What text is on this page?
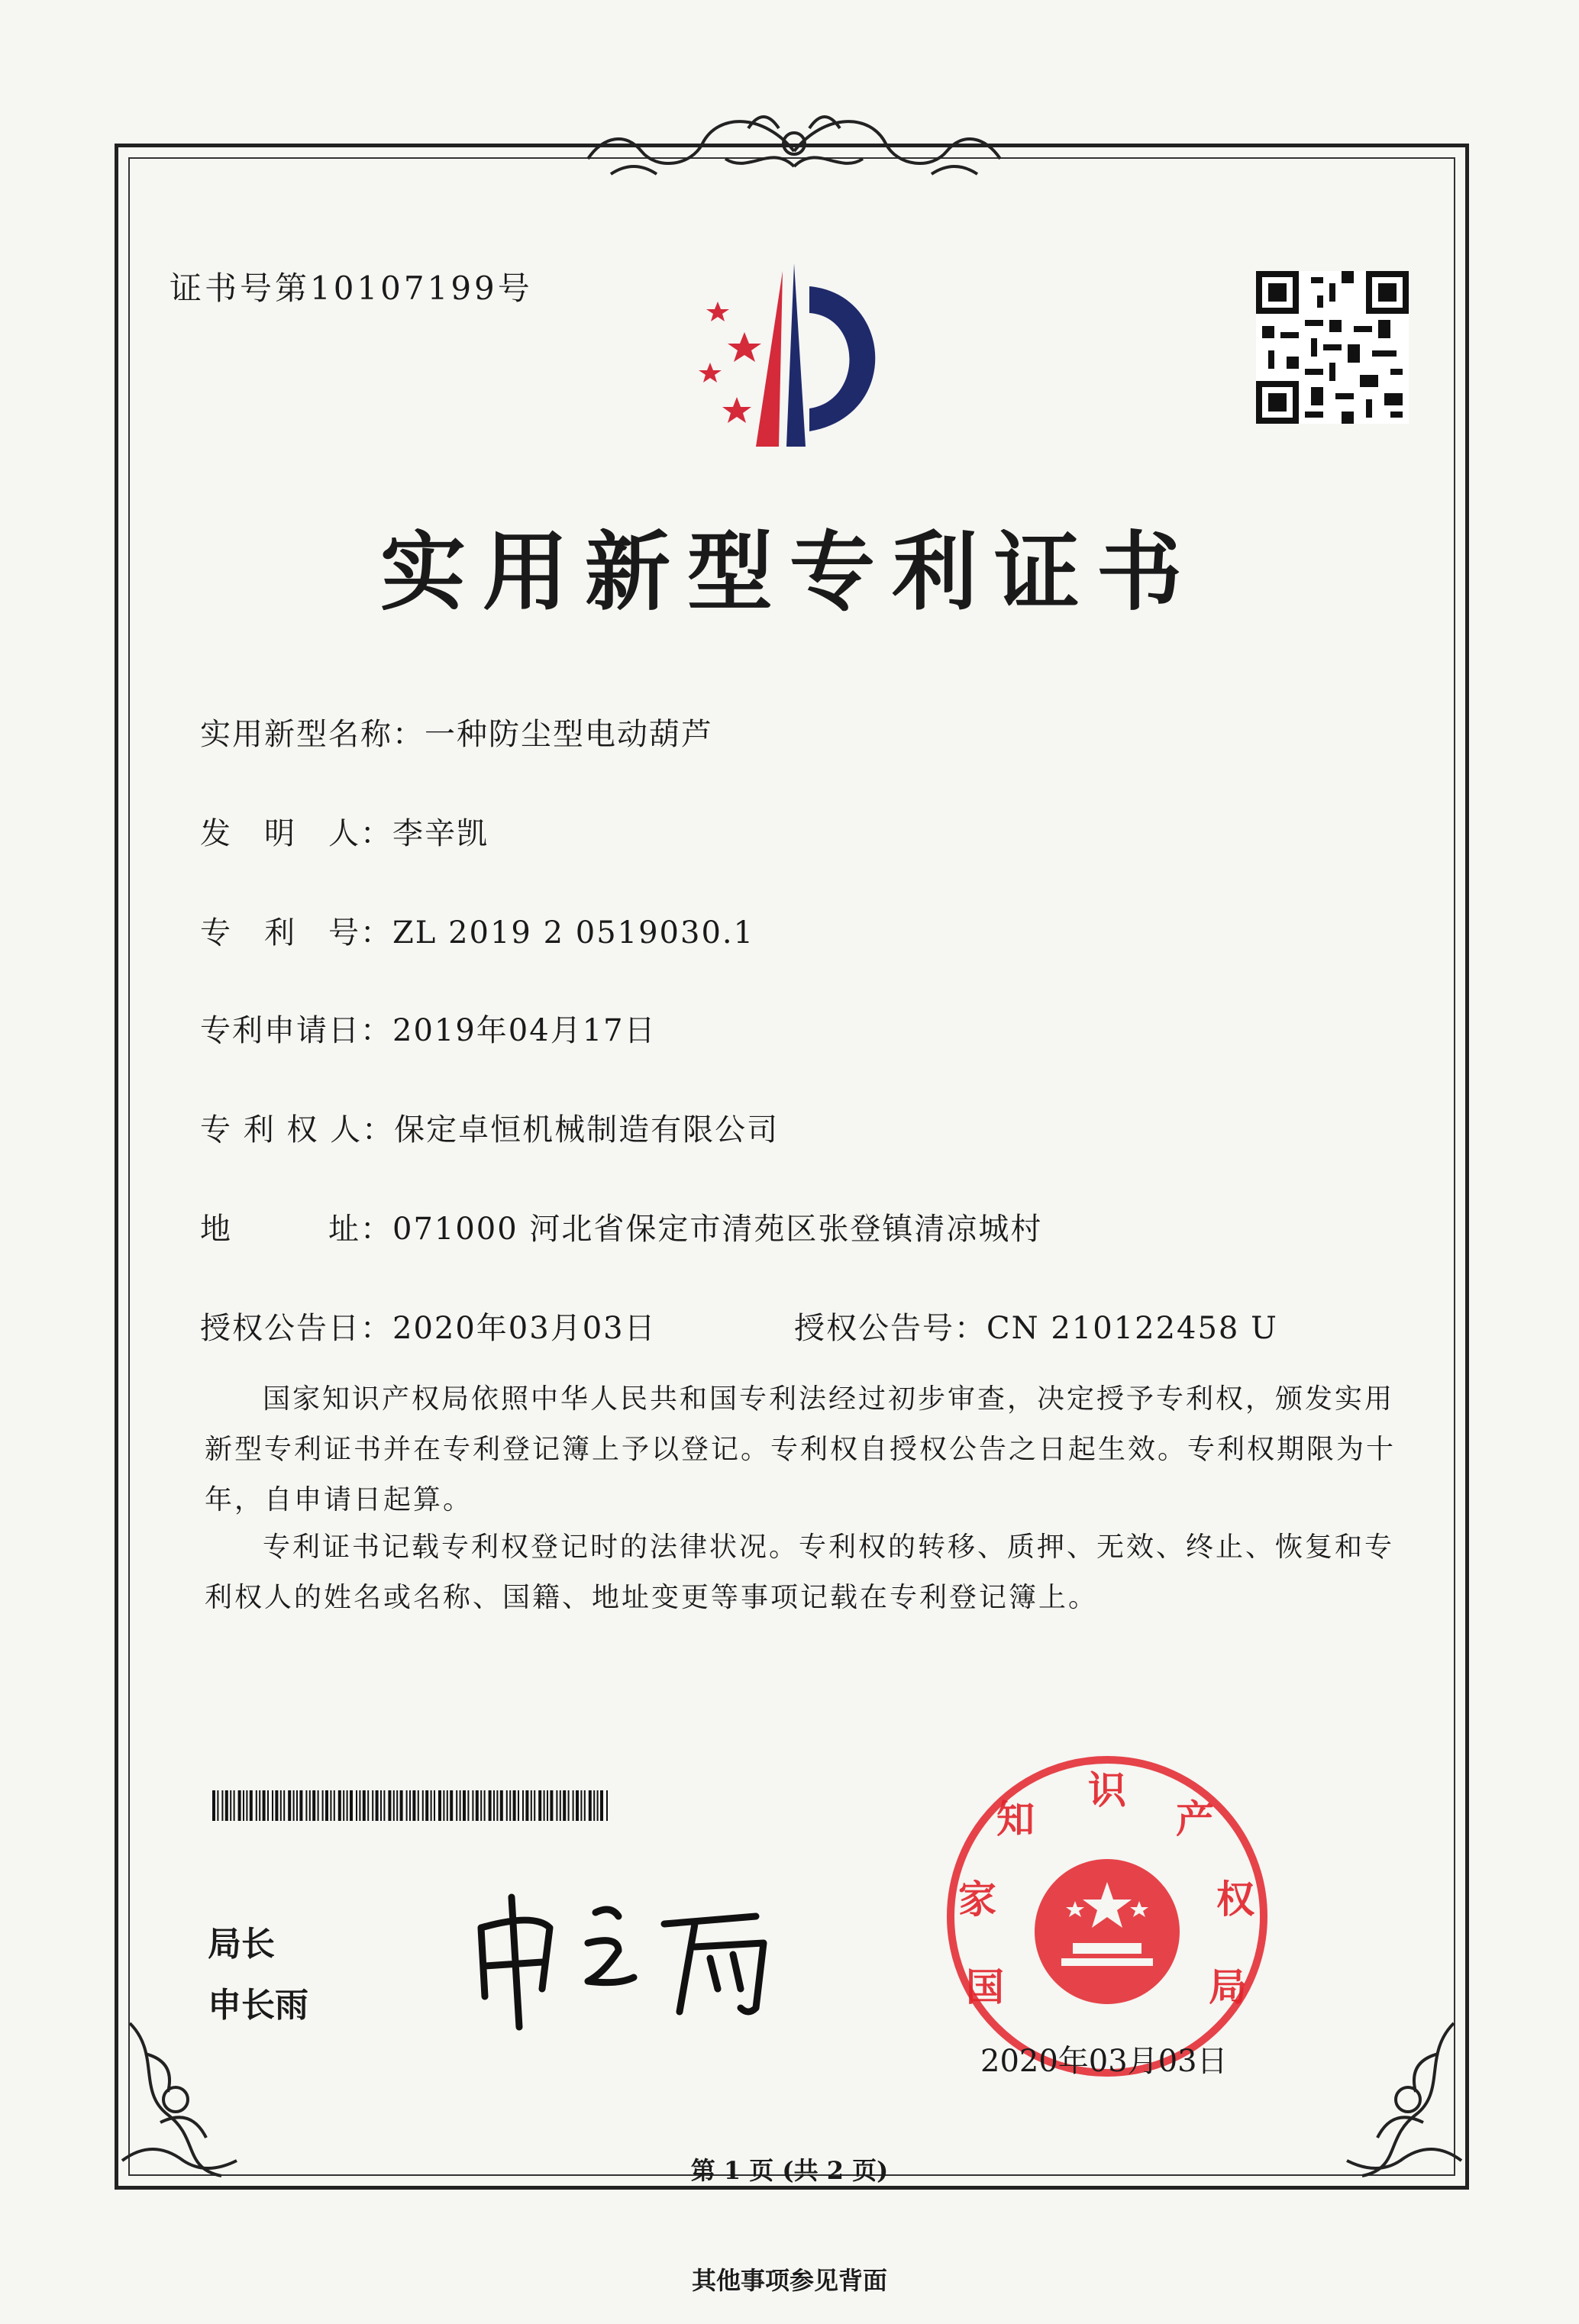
证书号第10107199号
实用新型专利证书
实用新型名称：一种防尘型电动葫芦
发　明　人：李辛凯
专　利　号：ZL 2019 2 0519030.1
专利申请日：2019年04月17日
专 利 权 人：保定卓恒机械制造有限公司
地　　　址：071000 河北省保定市清苑区张登镇清凉城村
授权公告日：2020年03月03日	授权公告号：CN 210122458 U
国家知识产权局依照中华人民共和国专利法经过初步审查，决定授予专利权，颁发实用新型专利证书并在专利登记簿上予以登记。专利权自授权公告之日起生效。专利权期限为十年，自申请日起算。
专利证书记载专利权登记时的法律状况。专利权的转移、质押、无效、终止、恢复和专利权人的姓名或名称、国籍、地址变更等事项记载在专利登记簿上。
局长
申长雨	国
家
知
识
产
权
局
2020年03月03日
第 1 页 (共 2 页)
其他事项参见背面
